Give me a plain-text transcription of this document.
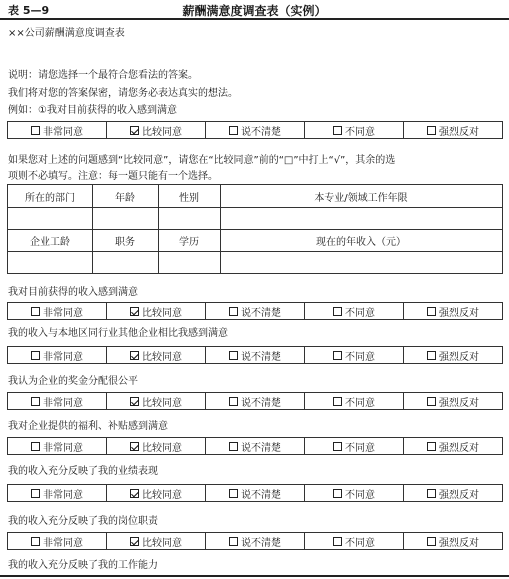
表 5—9	薪酬满意度调查表（实例）
××公司薪酬满意度调查表
说明：请您选择一个最符合您看法的答案。
我们将对您的答案保密，请您务必表达真实的想法。
例如：①我对目前获得的收入感到满意
非常同意	比较同意	说不清楚	不同意	强烈反对
如果您对上述的问题感到“比较同意”，请您在“比较同意”前的“□”中打上“√”，其余的选
项则不必填写。注意：每一题只能有一个选择。
所在的部门	年龄	性别	本专业/领域工作年限
企业工龄	职务	学历	现在的年收入（元）
我对目前获得的收入感到满意
非常同意	比较同意	说不清楚	不同意	强烈反对
我的收入与本地区同行业其他企业相比我感到满意
非常同意	比较同意	说不清楚	不同意	强烈反对
我认为企业的奖金分配很公平
非常同意	比较同意	说不清楚	不同意	强烈反对
我对企业提供的福利、补贴感到满意
非常同意	比较同意	说不清楚	不同意	强烈反对
我的收入充分反映了我的业绩表现
非常同意	比较同意	说不清楚	不同意	强烈反对
我的收入充分反映了我的岗位职责
非常同意	比较同意	说不清楚	不同意	强烈反对
我的收入充分反映了我的工作能力
